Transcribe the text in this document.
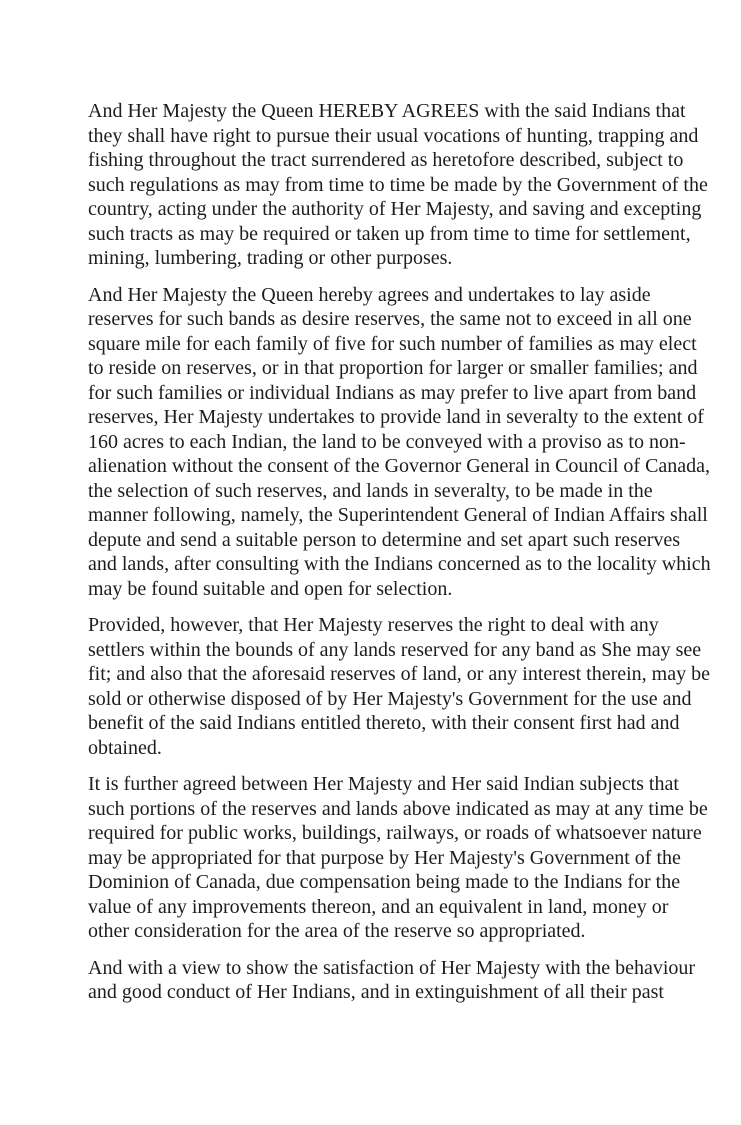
And Her Majesty the Queen HEREBY AGREES with the said Indians that
they shall have right to pursue their usual vocations of hunting, trapping and
fishing throughout the tract surrendered as heretofore described, subject to
such regulations as may from time to time be made by the Government of the
country, acting under the authority of Her Majesty, and saving and excepting
such tracts as may be required or taken up from time to time for settlement,
mining, lumbering, trading or other purposes.

And Her Majesty the Queen hereby agrees and undertakes to lay aside
reserves for such bands as desire reserves, the same not to exceed in all one
square mile for each family of five for such number of families as may elect
to reside on reserves, or in that proportion for larger or smaller families; and
for such families or individual Indians as may prefer to live apart from band
reserves, Her Majesty undertakes to provide land in severalty to the extent of
160 acres to each Indian, the land to be conveyed with a proviso as to non-
alienation without the consent of the Governor General in Council of Canada,
the selection of such reserves, and lands in severalty, to be made in the
manner following, namely, the Superintendent General of Indian Affairs shall
depute and send a suitable person to determine and set apart such reserves
and lands, after consulting with the Indians concerned as to the locality which
may be found suitable and open for selection.

Provided, however, that Her Majesty reserves the right to deal with any
settlers within the bounds of any lands reserved for any band as She may see
fit; and also that the aforesaid reserves of land, or any interest therein, may be
sold or otherwise disposed of by Her Majesty's Government for the use and
benefit of the said Indians entitled thereto, with their consent first had and
obtained.

It is further agreed between Her Majesty and Her said Indian subjects that
such portions of the reserves and lands above indicated as may at any time be
required for public works, buildings, railways, or roads of whatsoever nature
may be appropriated for that purpose by Her Majesty's Government of the
Dominion of Canada, due compensation being made to the Indians for the
value of any improvements thereon, and an equivalent in land, money or
other consideration for the area of the reserve so appropriated.

And with a view to show the satisfaction of Her Majesty with the behaviour
and good conduct of Her Indians, and in extinguishment of all their past
